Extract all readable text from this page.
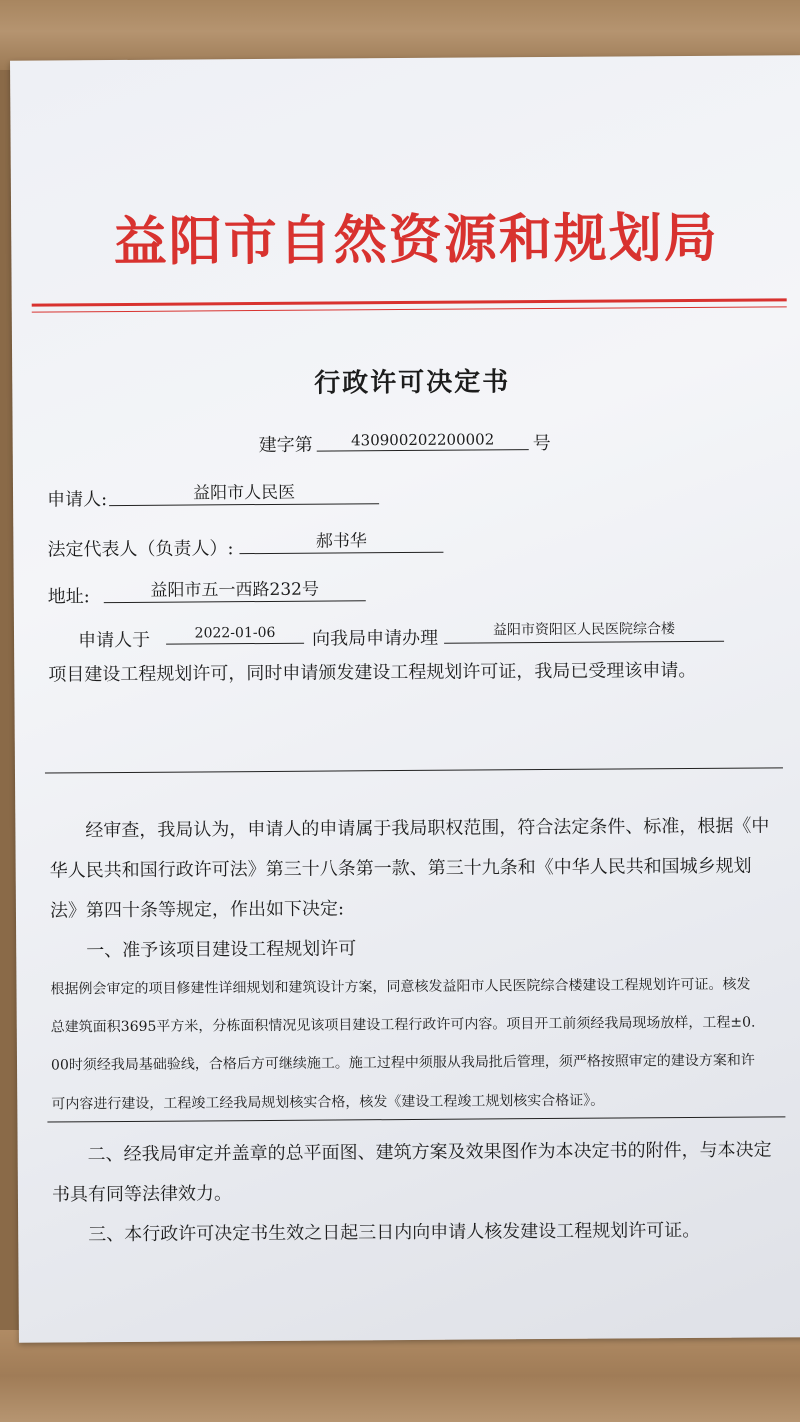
益阳市自然资源和规划局
行政许可决定书
建字第	430900202200002	号
申请人:	益阳市人民医
法定代表人（负责人）:	郝书华
地址:	益阳市五一西路232号
申请人于	2022-01-06	向我局申请办理	益阳市资阳区人民医院综合楼
项目建设工程规划许可，同时申请颁发建设工程规划许可证，我局已受理该申请。
经审查，我局认为，申请人的申请属于我局职权范围，符合法定条件、标准，根据《中
华人民共和国行政许可法》第三十八条第一款、第三十九条和《中华人民共和国城乡规划
法》第四十条等规定，作出如下决定:
一、准予该项目建设工程规划许可
根据例会审定的项目修建性详细规划和建筑设计方案，同意核发益阳市人民医院综合楼建设工程规划许可证。核发
总建筑面积3695平方米，分栋面积情况见该项目建设工程行政许可内容。项目开工前须经我局现场放样，工程±0.
00时须经我局基础验线，合格后方可继续施工。施工过程中须服从我局批后管理，须严格按照审定的建设方案和许
可内容进行建设，工程竣工经我局规划核实合格，核发《建设工程竣工规划核实合格证》。
二、经我局审定并盖章的总平面图、建筑方案及效果图作为本决定书的附件，与本决定
书具有同等法律效力。
三、本行政许可决定书生效之日起三日内向申请人核发建设工程规划许可证。
